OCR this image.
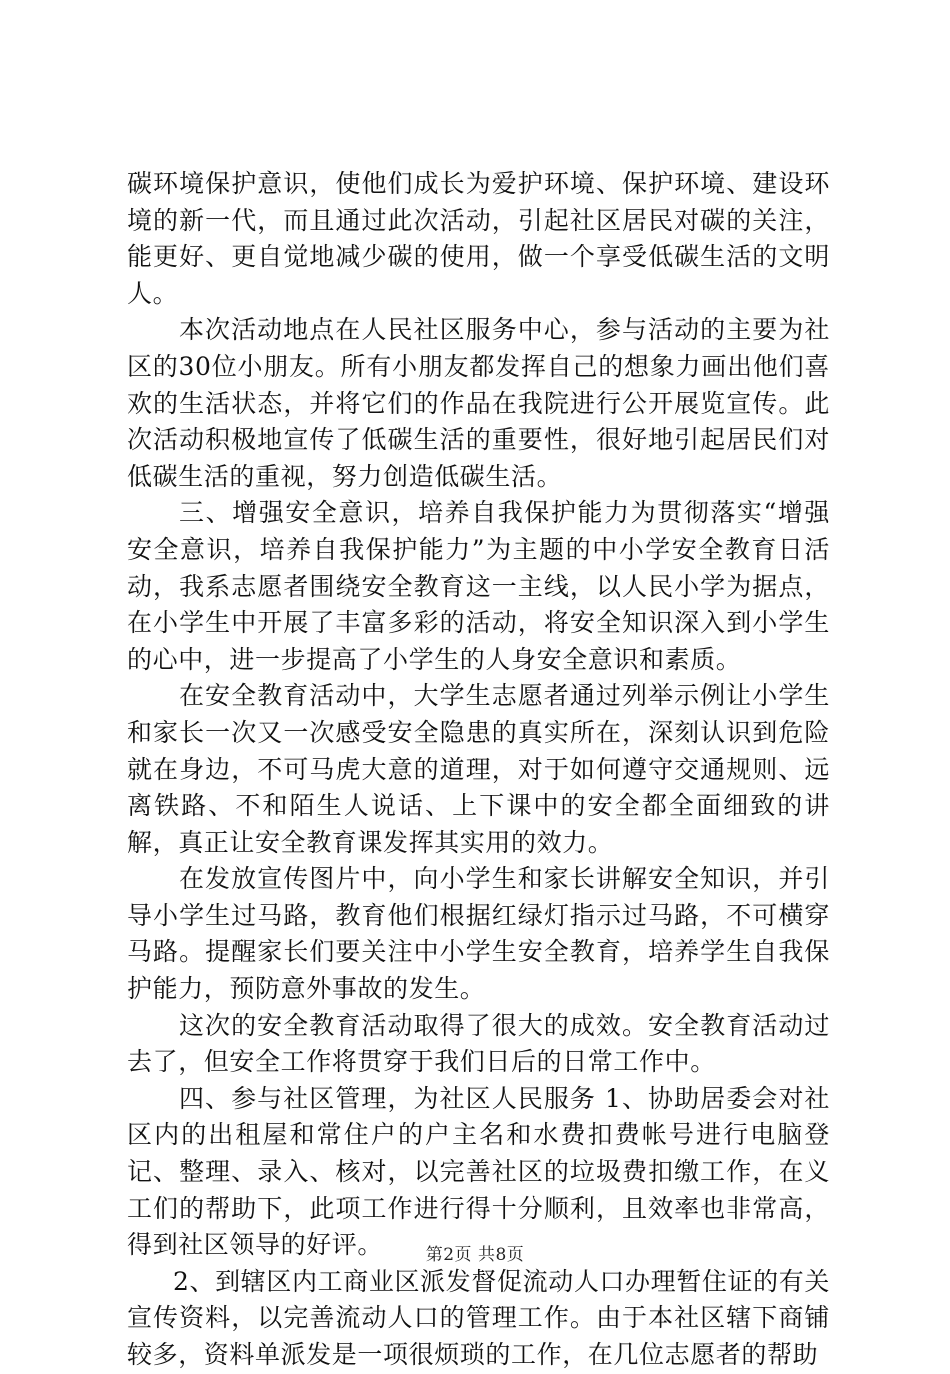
碳环境保护意识，使他们成长为爱护环境、保护环境、建设环境的新一代，而且通过此次活动，引起社区居民对碳的关注，能更好、更自觉地减少碳的使用，做一个享受低碳生活的文明人。

本次活动地点在人民社区服务中心，参与活动的主要为社区的30位小朋友。所有小朋友都发挥自己的想象力画出他们喜欢的生活状态，并将它们的作品在我院进行公开展览宣传。此次活动积极地宣传了低碳生活的重要性，很好地引起居民们对低碳生活的重视，努力创造低碳生活。

三、增强安全意识，培养自我保护能力为贯彻落实“增强安全意识，培养自我保护能力”为主题的中小学安全教育日活动，我系志愿者围绕安全教育这一主线，以人民小学为据点，在小学生中开展了丰富多彩的活动，将安全知识深入到小学生的心中，进一步提高了小学生的人身安全意识和素质。

在安全教育活动中，大学生志愿者通过列举示例让小学生和家长一次又一次感受安全隐患的真实所在，深刻认识到危险就在身边，不可马虎大意的道理，对于如何遵守交通规则、远离铁路、不和陌生人说话、上下课中的安全都全面细致的讲解，真正让安全教育课发挥其实用的效力。

在发放宣传图片中，向小学生和家长讲解安全知识，并引导小学生过马路，教育他们根据红绿灯指示过马路，不可横穿马路。提醒家长们要关注中小学生安全教育，培养学生自我保护能力，预防意外事故的发生。

这次的安全教育活动取得了很大的成效。安全教育活动过去了，但安全工作将贯穿于我们日后的日常工作中。

四、参与社区管理，为社区人民服务 1、协助居委会对社区内的出租屋和常住户的户主名和水费扣费帐号进行电脑登记、整理、录入、核对，以完善社区的垃圾费扣缴工作，在义工们的帮助下，此项工作进行得十分顺利，且效率也非常高，得到社区领导的好评。

2、到辖区内工商业区派发督促流动人口办理暂住证的有关宣传资料，以完善流动人口的管理工作。由于本社区辖下商铺较多，资料单派发是一项很烦琐的工作，在几位志愿者的帮助

第2页 共8页
